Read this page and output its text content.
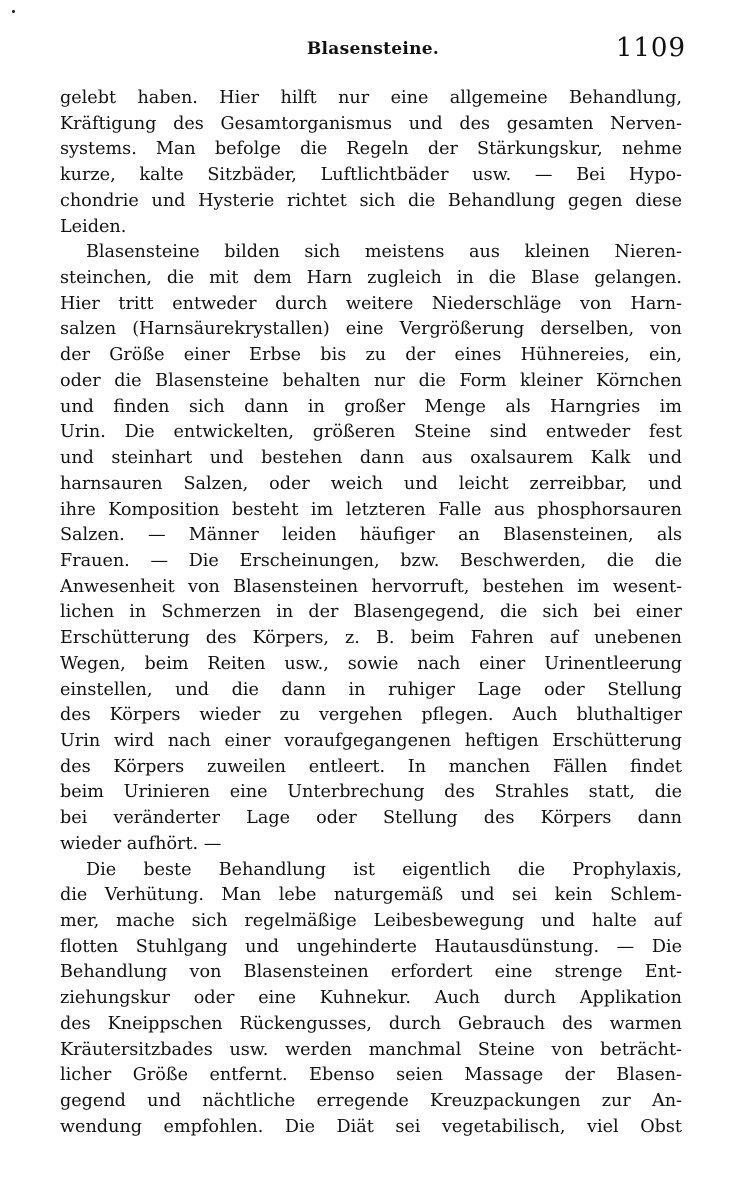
Blasensteine.	1109
gelebt haben. Hier hilft nur eine allgemeine Behandlung,
Kräftigung des Gesamtorganismus und des gesamten Nerven-
systems. Man befolge die Regeln der Stärkungskur, nehme
kurze, kalte Sitzbäder, Luftlichtbäder usw. — Bei Hypo-
chondrie und Hysterie richtet sich die Behandlung gegen diese
Leiden.
Blasensteine bilden sich meistens aus kleinen Nieren-
steinchen, die mit dem Harn zugleich in die Blase gelangen.
Hier tritt entweder durch weitere Niederschläge von Harn-
salzen (Harnsäurekrystallen) eine Vergrößerung derselben, von
der Größe einer Erbse bis zu der eines Hühnereies, ein,
oder die Blasensteine behalten nur die Form kleiner Körnchen
und finden sich dann in großer Menge als Harngries im
Urin. Die entwickelten, größeren Steine sind entweder fest
und steinhart und bestehen dann aus oxalsaurem Kalk und
harnsauren Salzen, oder weich und leicht zerreibbar, und
ihre Komposition besteht im letzteren Falle aus phosphorsauren
Salzen. — Männer leiden häufiger an Blasensteinen, als
Frauen. — Die Erscheinungen, bzw. Beschwerden, die die
Anwesenheit von Blasensteinen hervorruft, bestehen im wesent-
lichen in Schmerzen in der Blasengegend, die sich bei einer
Erschütterung des Körpers, z. B. beim Fahren auf unebenen
Wegen, beim Reiten usw., sowie nach einer Urinentleerung
einstellen, und die dann in ruhiger Lage oder Stellung
des Körpers wieder zu vergehen pflegen. Auch bluthaltiger
Urin wird nach einer voraufgegangenen heftigen Erschütterung
des Körpers zuweilen entleert. In manchen Fällen findet
beim Urinieren eine Unterbrechung des Strahles statt, die
bei veränderter Lage oder Stellung des Körpers dann
wieder aufhört. —
Die beste Behandlung ist eigentlich die Prophylaxis,
die Verhütung. Man lebe naturgemäß und sei kein Schlem-
mer, mache sich regelmäßige Leibesbewegung und halte auf
flotten Stuhlgang und ungehinderte Hautausdünstung. — Die
Behandlung von Blasensteinen erfordert eine strenge Ent-
ziehungskur oder eine Kuhnekur. Auch durch Applikation
des Kneippschen Rückengusses, durch Gebrauch des warmen
Kräutersitzbades usw. werden manchmal Steine von beträcht-
licher Größe entfernt. Ebenso seien Massage der Blasen-
gegend und nächtliche erregende Kreuzpackungen zur An-
wendung empfohlen. Die Diät sei vegetabilisch, viel Obst
